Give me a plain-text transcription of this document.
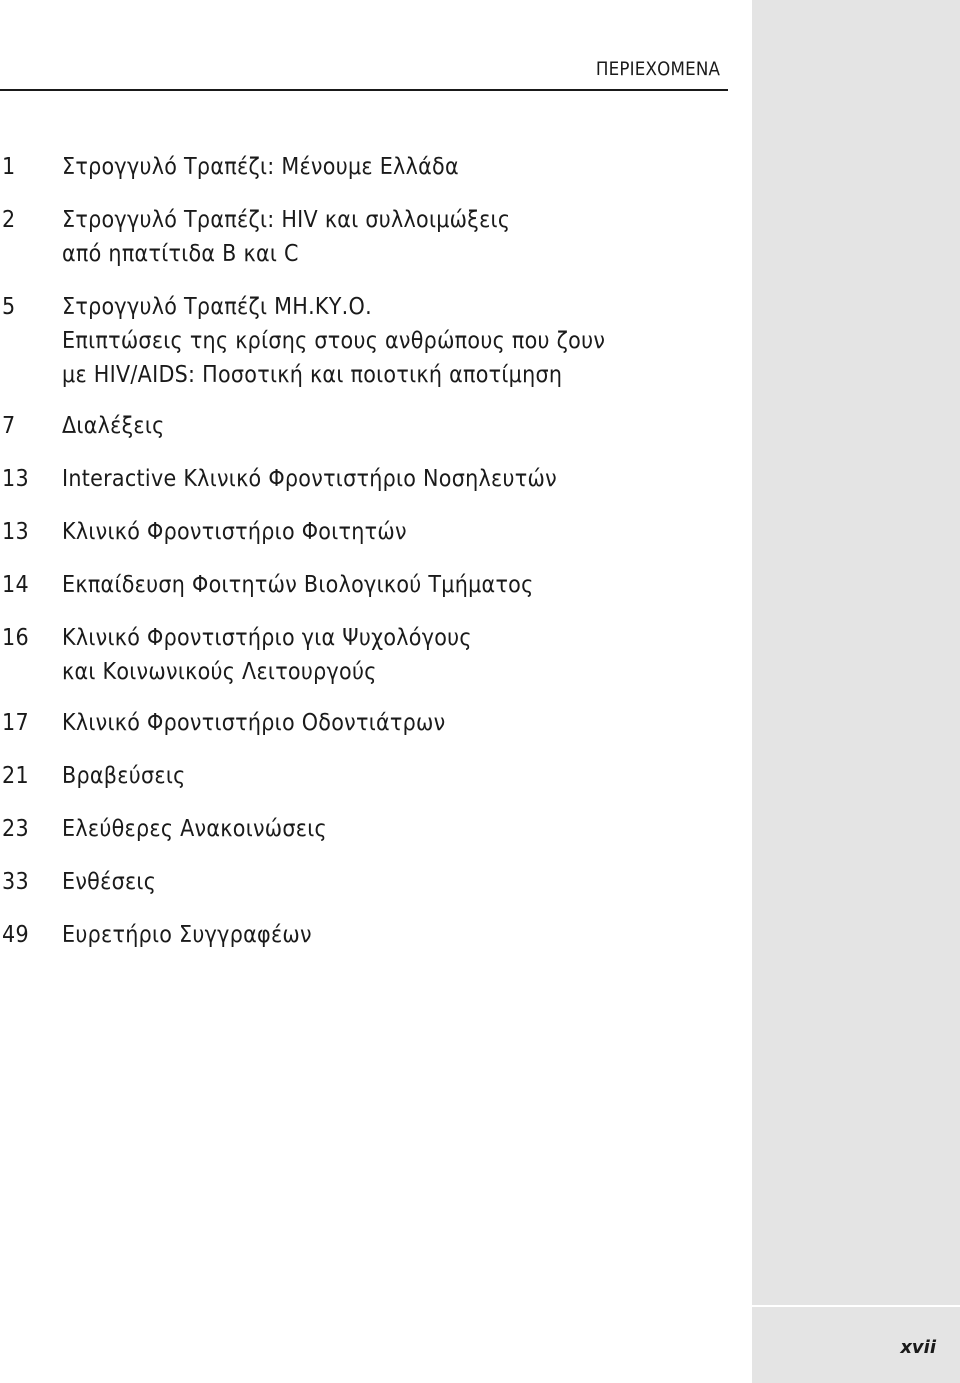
xvii
ΠΕΡΙΕΧΟΜΕΝΑ
1 Στρογγυλό Τραπέζι: Μένουμε Ελλάδα
2 Στρογγυλό Τραπέζι: HIV και συλλοιμώξεις
από ηπατίτιδα Β και C
5 Στρογγυλό Τραπέζι ΜΗ.ΚΥ.Ο.
Επιπτώσεις της κρίσης στους ανθρώπους που ζουν
με HIV/AIDS: Ποσοτική και ποιοτική αποτίμηση
7 Διαλέξεις
13 Interactive Κλινικό Φροντιστήριο Νοσηλευτών
13 Κλινικό Φροντιστήριο Φοιτητών
14 Εκπαίδευση Φοιτητών Βιολογικού Τμήματος
16 Κλινικό Φροντιστήριο για Ψυχολόγους
και Κοινωνικούς Λειτουργούς
17 Κλινικό Φροντιστήριο Οδοντιάτρων
21 Βραβεύσεις
23 Ελεύθερες Ανακοινώσεις
33 Ενθέσεις
49 Ευρετήριο Συγγραφέων
